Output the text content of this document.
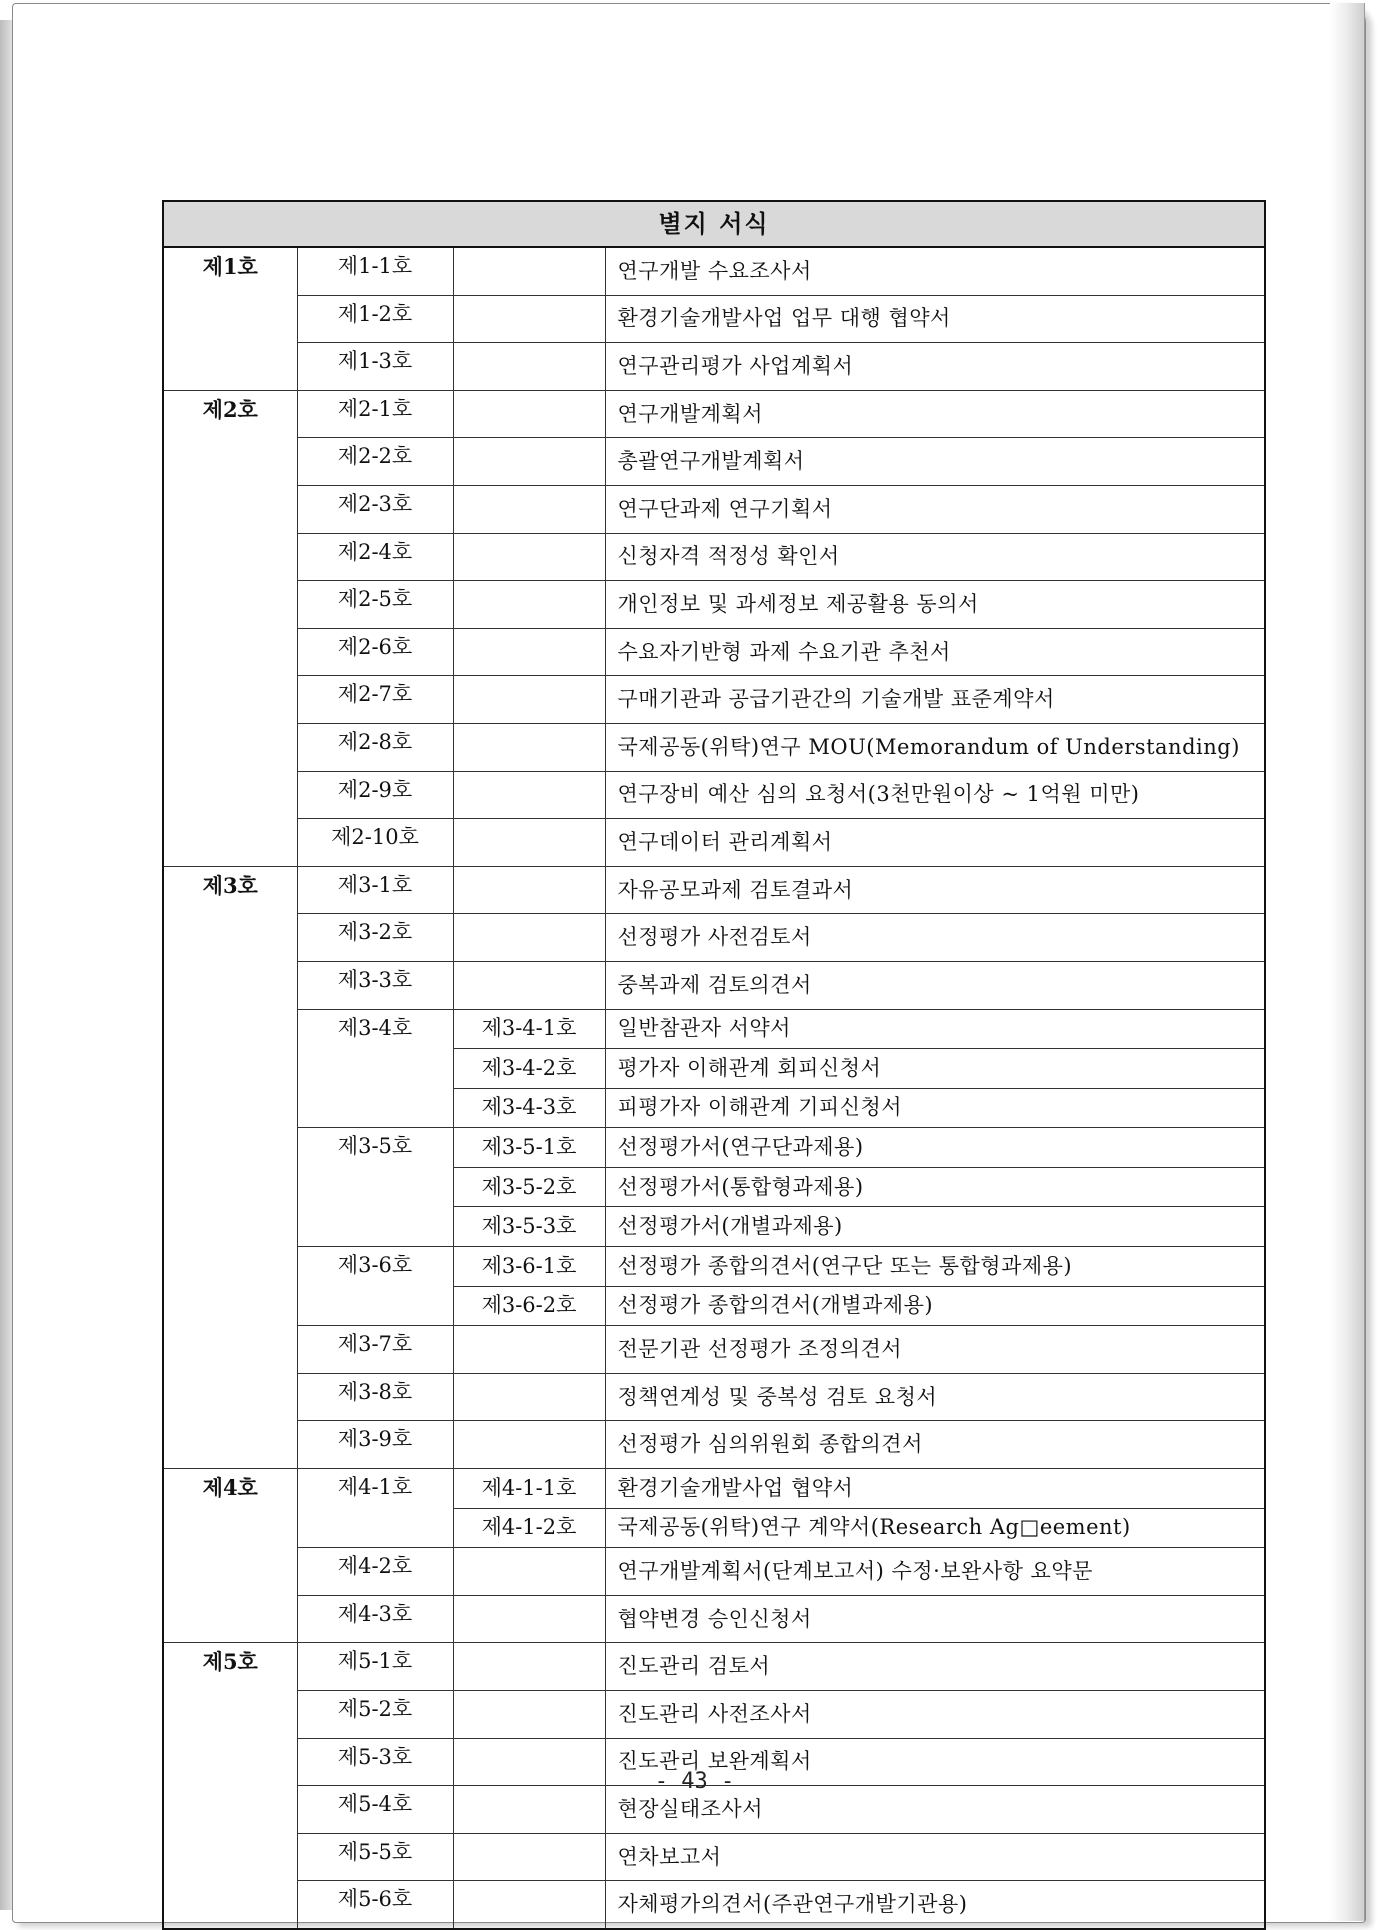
별지 서식			
제1호	제1-1호		연구개발 수요조사서
	제1-2호		환경기술개발사업 업무 대행 협약서
	제1-3호		연구관리평가 사업계획서
제2호	제2-1호		연구개발계획서
	제2-2호		총괄연구개발계획서
	제2-3호		연구단과제 연구기획서
	제2-4호		신청자격 적정성 확인서
	제2-5호		개인정보 및 과세정보 제공활용 동의서
	제2-6호		수요자기반형 과제 수요기관 추천서
	제2-7호		구매기관과 공급기관간의 기술개발 표준계약서
	제2-8호		국제공동(위탁)연구 MOU(Memorandum of Understanding)
	제2-9호		연구장비 예산 심의 요청서(3천만원이상 ~ 1억원 미만)
	제2-10호		연구데이터 관리계획서
제3호	제3-1호		자유공모과제 검토결과서
	제3-2호		선정평가 사전검토서
	제3-3호		중복과제 검토의견서
	제3-4호	제3-4-1호	일반참관자 서약서
		제3-4-2호	평가자 이해관계 회피신청서
		제3-4-3호	피평가자 이해관계 기피신청서
	제3-5호	제3-5-1호	선정평가서(연구단과제용)
		제3-5-2호	선정평가서(통합형과제용)
		제3-5-3호	선정평가서(개별과제용)
	제3-6호	제3-6-1호	선정평가 종합의견서(연구단 또는 통합형과제용)
		제3-6-2호	선정평가 종합의견서(개별과제용)
	제3-7호		전문기관 선정평가 조정의견서
	제3-8호		정책연계성 및 중복성 검토 요청서
	제3-9호		선정평가 심의위원회 종합의견서
제4호	제4-1호	제4-1-1호	환경기술개발사업 협약서
		제4-1-2호	국제공동(위탁)연구 계약서(Research Ag□eement)
	제4-2호		연구개발계획서(단계보고서) 수정·보완사항 요약문
	제4-3호		협약변경 승인신청서
제5호	제5-1호		진도관리 검토서
	제5-2호		진도관리 사전조사서
	제5-3호		진도관리 보완계획서
	제5-4호		현장실태조사서
	제5-5호		연차보고서
	제5-6호		자체평가의견서(주관연구개발기관용)
- 43 -
